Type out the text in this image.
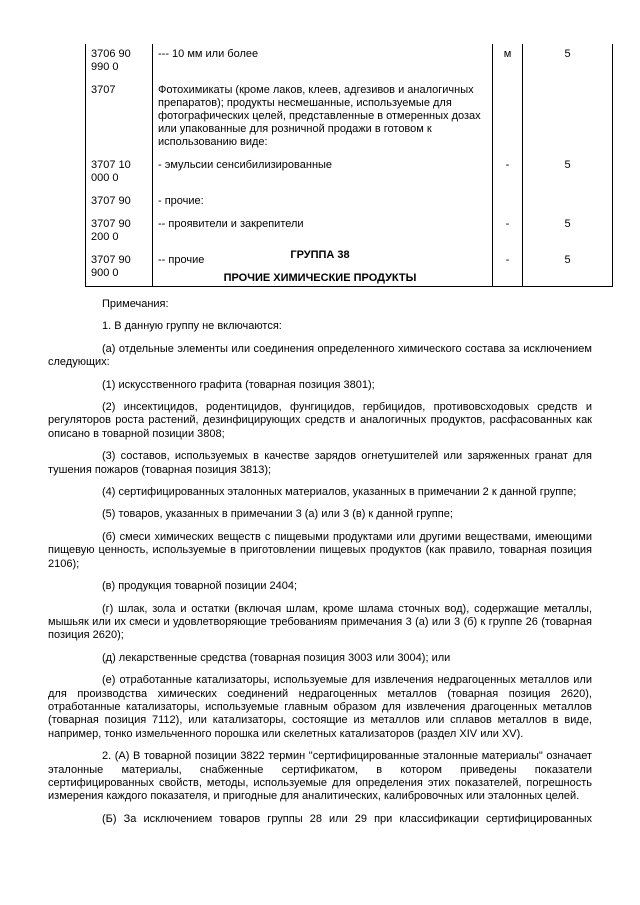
3706 90 990 0	--- 10 мм или более	м	5
3707	Фотохимикаты (кроме лаков, клеев, адгезивов и аналогичных препаратов); продукты несмешанные, используемые для фотографических целей, представленные в отмеренных дозах или упакованные для розничной продажи в готовом к использованию виде:		
3707 10 000 0	- эмульсии сенсибилизированные	-	5
3707 90	- прочие:		
3707 90 200 0	-- проявители и закрепители	-	5
3707 90 900 0	-- прочие	-	5
ГРУППА 38
ПРОЧИЕ ХИМИЧЕСКИЕ ПРОДУКТЫ

Примечания:

1. В данную группу не включаются:

(а) отдельные элементы или соединения определенного химического состава за исключением следующих:

(1) искусственного графита (товарная позиция 3801);

(2) инсектицидов, родентицидов, фунгицидов, гербицидов, противовсходовых средств и регуляторов роста растений, дезинфицирующих средств и аналогичных продуктов, расфасованных как описано в товарной позиции 3808;

(3) составов, используемых в качестве зарядов огнетушителей или заряженных гранат для тушения пожаров (товарная позиция 3813);

(4) сертифицированных эталонных материалов, указанных в примечании 2 к данной группе;

(5) товаров, указанных в примечании 3 (а) или 3 (в) к данной группе;

(б) смеси химических веществ с пищевыми продуктами или другими веществами, имеющими пищевую ценность, используемые в приготовлении пищевых продуктов (как правило, товарная позиция 2106);

(в) продукция товарной позиции 2404;

(г) шлак, зола и остатки (включая шлам, кроме шлама сточных вод), содержащие металлы, мышьяк или их смеси и удовлетворяющие требованиям примечания 3 (а) или 3 (б) к группе 26 (товарная позиция 2620);

(д) лекарственные средства (товарная позиция 3003 или 3004); или

(е) отработанные катализаторы, используемые для извлечения недрагоценных металлов или для производства химических соединений недрагоценных металлов (товарная позиция 2620), отработанные катализаторы, используемые главным образом для извлечения драгоценных металлов (товарная позиция 7112), или катализаторы, состоящие из металлов или сплавов металлов в виде, например, тонко измельченного порошка или скелетных катализаторов (раздел XIV или XV).

2. (А) В товарной позиции 3822 термин "сертифицированные эталонные материалы" означает эталонные материалы, снабженные сертификатом, в котором приведены показатели сертифицированных свойств, методы, используемые для определения этих показателей, погрешность измерения каждого показателя, и пригодные для аналитических, калибровочных или эталонных целей.

(Б) За исключением товаров группы 28 или 29 при классификации сертифицированных
